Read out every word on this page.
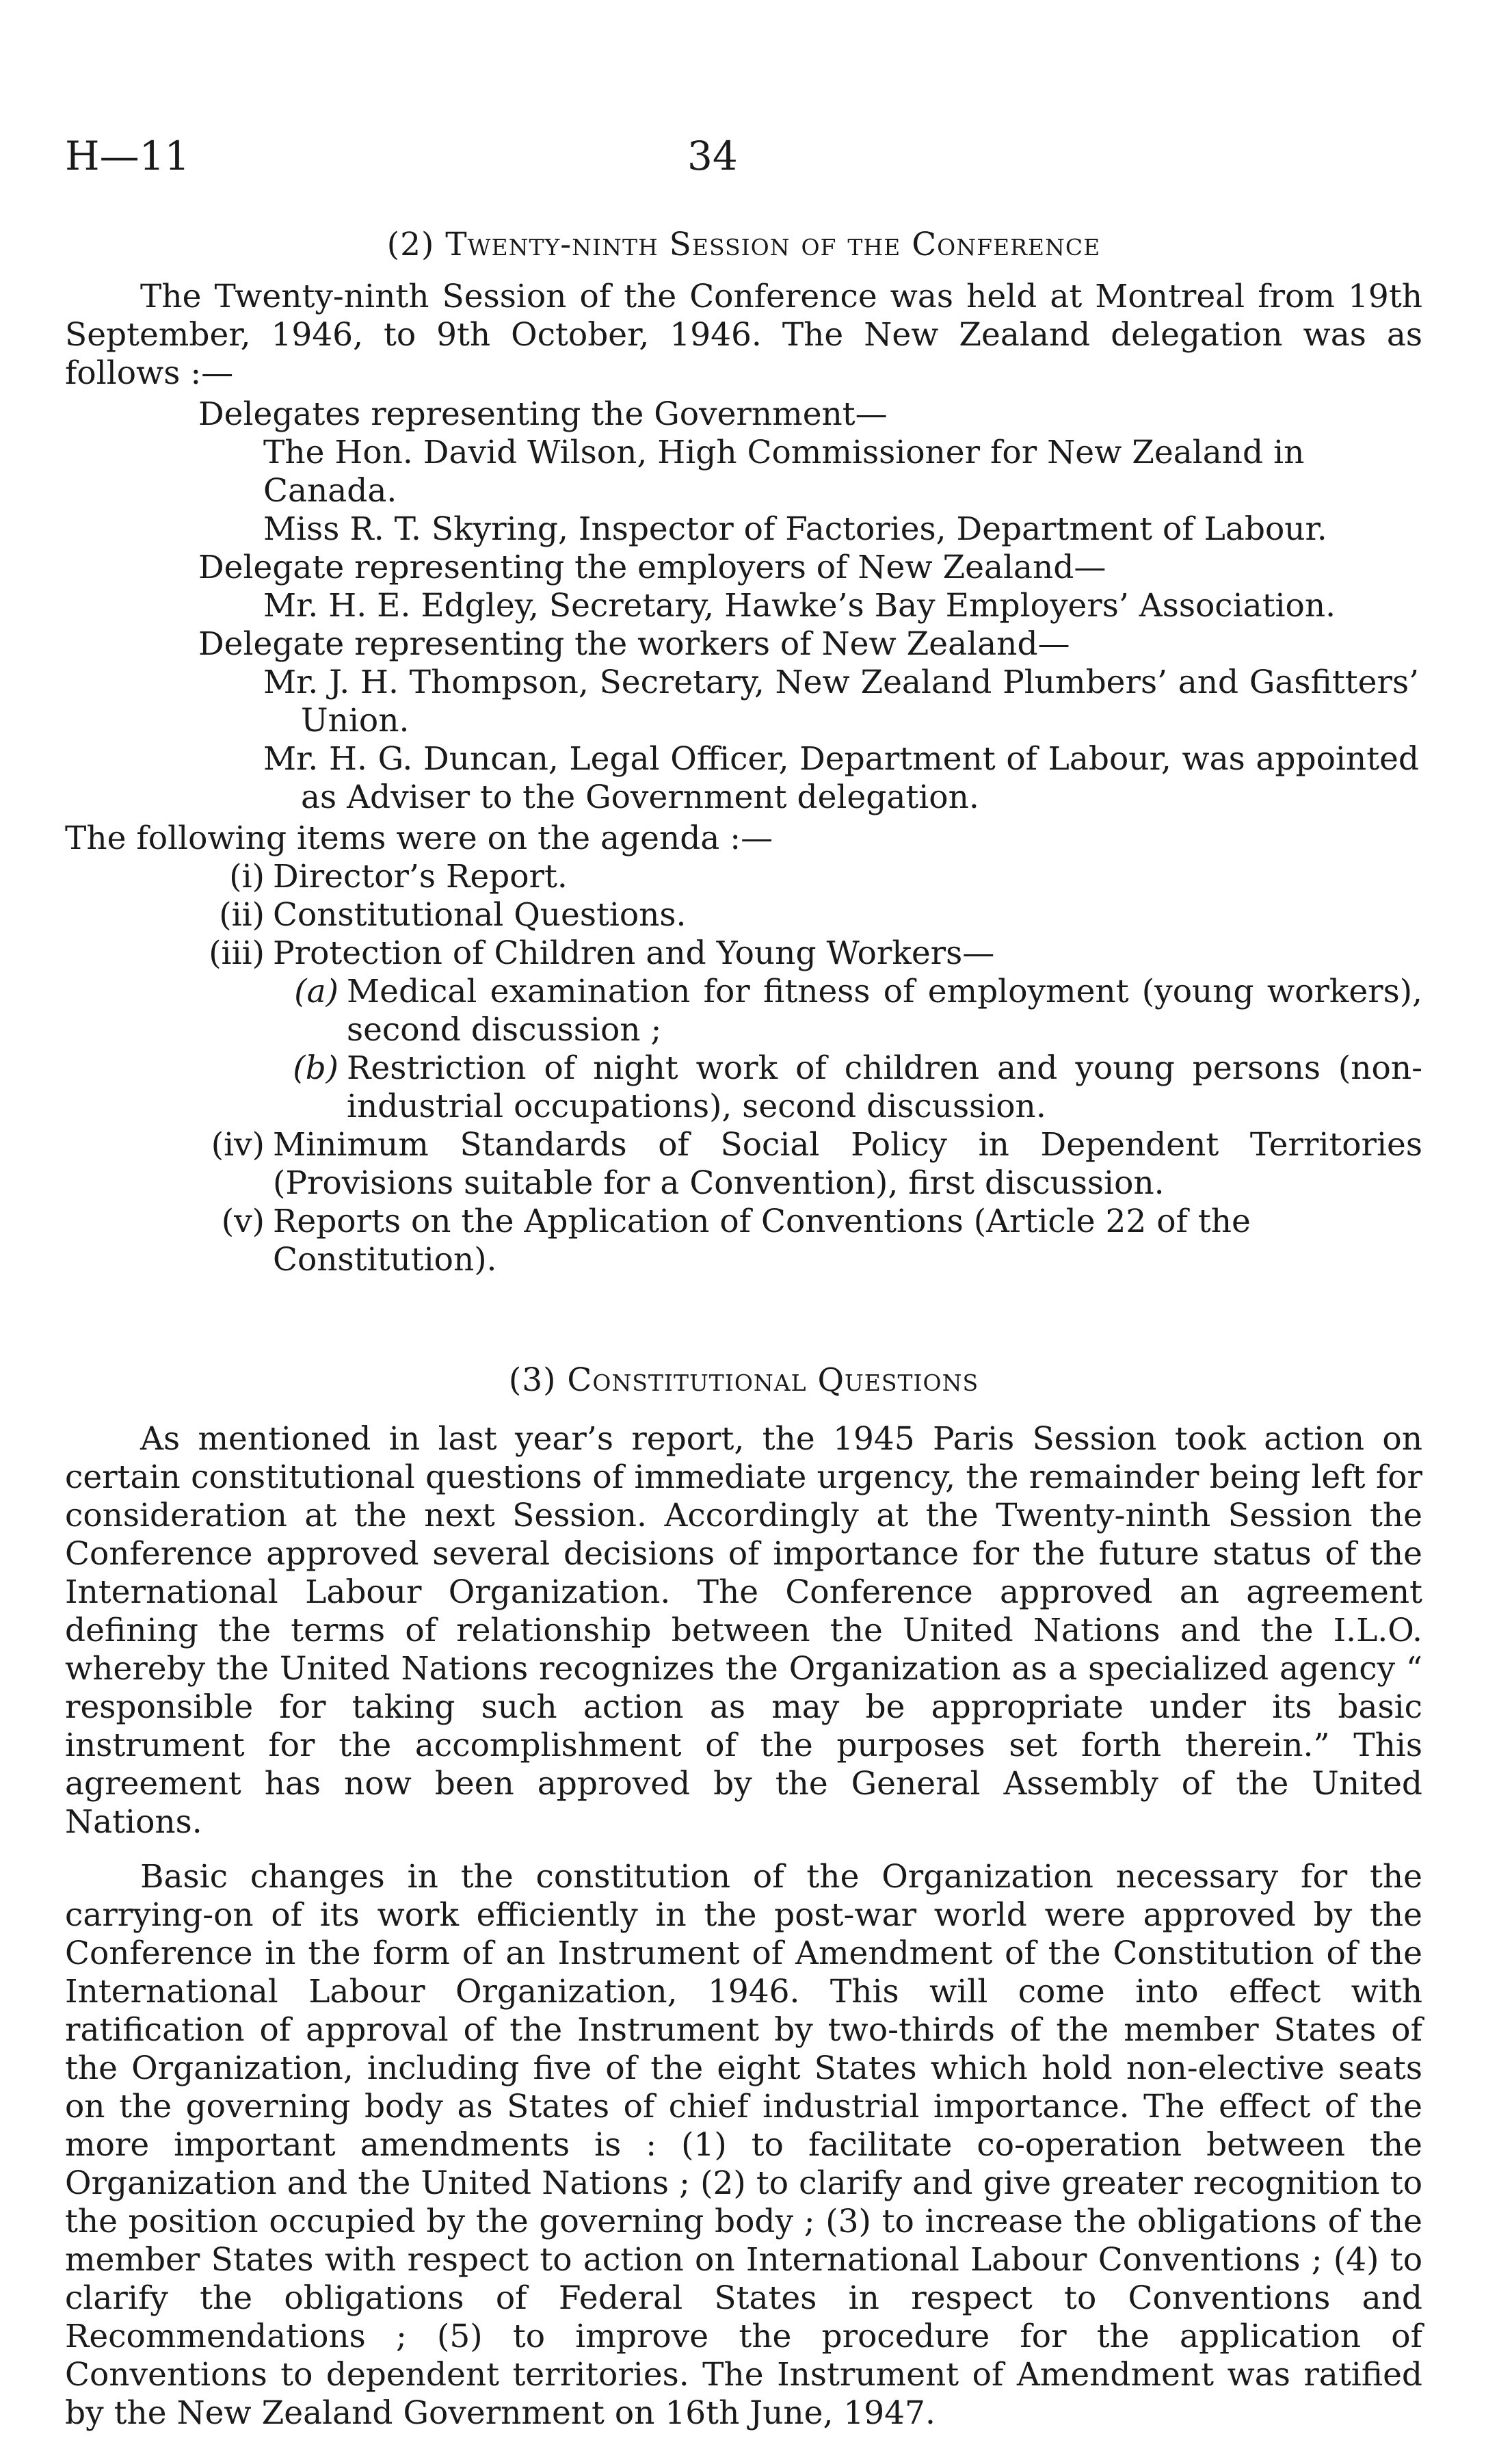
H—11	34
(2) Twenty-ninth Session of the Conference

The Twenty-ninth Session of the Conference was held at Montreal from 19th September, 1946, to 9th October, 1946. The New Zealand delegation was as follows :—

Delegates representing the Government—
The Hon. David Wilson, High Commissioner for New Zealand in Canada.
Miss R. T. Skyring, Inspector of Factories, Department of Labour.
Delegate representing the employers of New Zealand—
Mr. H. E. Edgley, Secretary, Hawke’s Bay Employers’ Association.
Delegate representing the workers of New Zealand—
Mr. J. H. Thompson, Secretary, New Zealand Plumbers’ and Gasfitters’ Union.
Mr. H. G. Duncan, Legal Officer, Department of Labour, was appointed as Adviser to the Government delegation.

The following items were on the agenda :—

(i) Director’s Report.
(ii) Constitutional Questions.
(iii) Protection of Children and Young Workers—
(a) Medical examination for fitness of employment (young workers), second discussion ;
(b) Restriction of night work of children and young persons (non-industrial occupations), second discussion.
(iv) Minimum Standards of Social Policy in Dependent Territories (Provisions suitable for a Convention), first discussion.
(v) Reports on the Application of Conventions (Article 22 of the Constitution).
(3) Constitutional Questions

As mentioned in last year’s report, the 1945 Paris Session took action on certain constitutional questions of immediate urgency, the remainder being left for consideration at the next Session. Accordingly at the Twenty-ninth Session the Conference approved several decisions of importance for the future status of the International Labour Organization. The Conference approved an agreement defining the terms of relationship between the United Nations and the I.L.O. whereby the United Nations recognizes the Organization as a specialized agency “ responsible for taking such action as may be appropriate under its basic instrument for the accomplishment of the purposes set forth therein.” This agreement has now been approved by the General Assembly of the United Nations.

Basic changes in the constitution of the Organization necessary for the carrying-on of its work efficiently in the post-war world were approved by the Conference in the form of an Instrument of Amendment of the Constitution of the International Labour Organization, 1946. This will come into effect with ratification of approval of the Instrument by two-thirds of the member States of the Organization, including five of the eight States which hold non-elective seats on the governing body as States of chief industrial importance. The effect of the more important amendments is : (1) to facilitate co-operation between the Organization and the United Nations ; (2) to clarify and give greater recognition to the position occupied by the governing body ; (3) to increase the obligations of the member States with respect to action on International Labour Conventions ; (4) to clarify the obligations of Federal States in respect to Conventions and Recommendations ; (5) to improve the procedure for the application of Conventions to dependent territories. The Instrument of Amendment was ratified by the New Zealand Government on 16th June, 1947.
